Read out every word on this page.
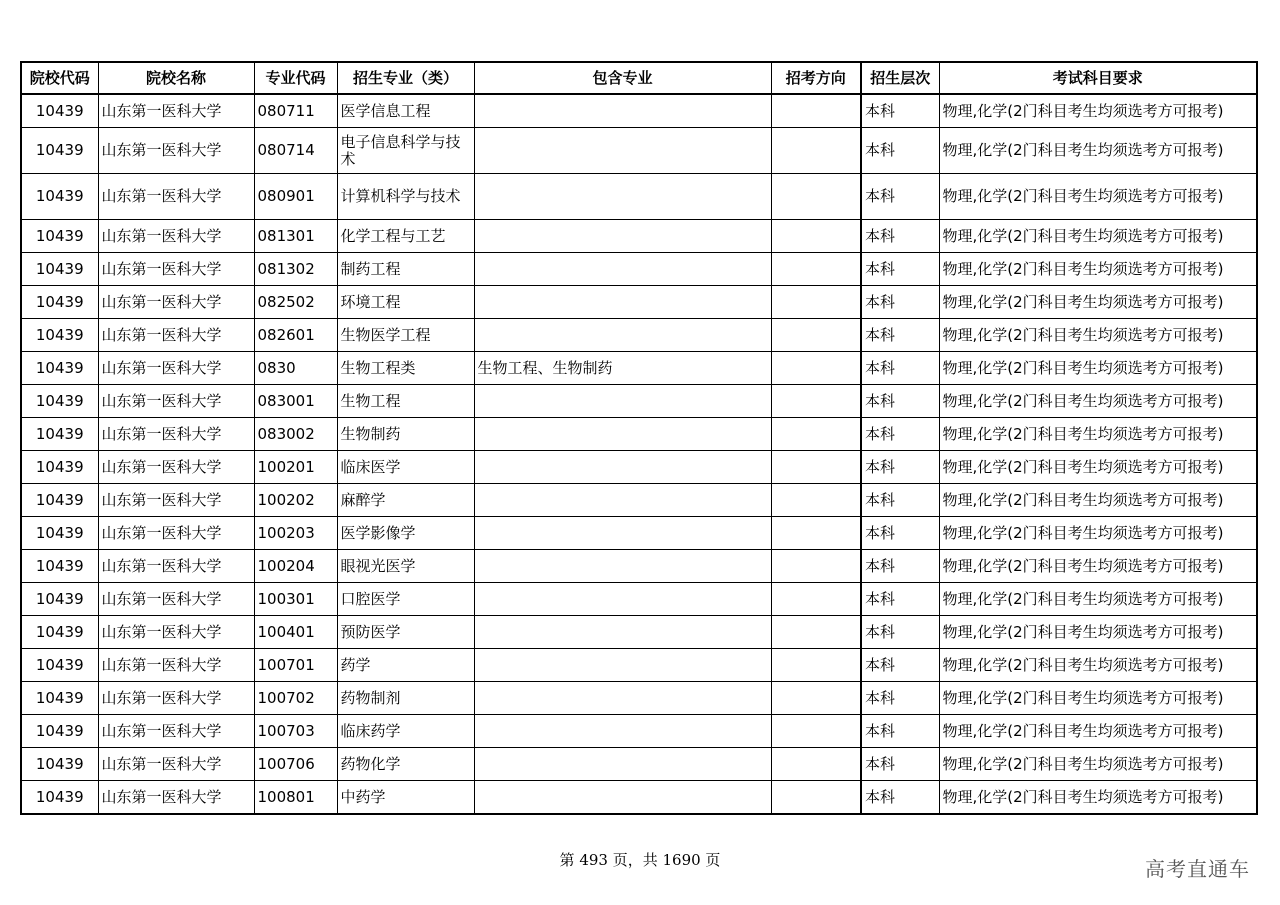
院校代码	院校名称	专业代码	招生专业（类）	包含专业	招考方向	招生层次	考试科目要求
10439	山东第一医科大学	080711	医学信息工程			本科	物理,化学(2门科目考生均须选考方可报考)
10439	山东第一医科大学	080714	电子信息科学与技术			本科	物理,化学(2门科目考生均须选考方可报考)
10439	山东第一医科大学	080901	计算机科学与技术			本科	物理,化学(2门科目考生均须选考方可报考)
10439	山东第一医科大学	081301	化学工程与工艺			本科	物理,化学(2门科目考生均须选考方可报考)
10439	山东第一医科大学	081302	制药工程			本科	物理,化学(2门科目考生均须选考方可报考)
10439	山东第一医科大学	082502	环境工程			本科	物理,化学(2门科目考生均须选考方可报考)
10439	山东第一医科大学	082601	生物医学工程			本科	物理,化学(2门科目考生均须选考方可报考)
10439	山东第一医科大学	0830	生物工程类	生物工程、生物制药		本科	物理,化学(2门科目考生均须选考方可报考)
10439	山东第一医科大学	083001	生物工程			本科	物理,化学(2门科目考生均须选考方可报考)
10439	山东第一医科大学	083002	生物制药			本科	物理,化学(2门科目考生均须选考方可报考)
10439	山东第一医科大学	100201	临床医学			本科	物理,化学(2门科目考生均须选考方可报考)
10439	山东第一医科大学	100202	麻醉学			本科	物理,化学(2门科目考生均须选考方可报考)
10439	山东第一医科大学	100203	医学影像学			本科	物理,化学(2门科目考生均须选考方可报考)
10439	山东第一医科大学	100204	眼视光医学			本科	物理,化学(2门科目考生均须选考方可报考)
10439	山东第一医科大学	100301	口腔医学			本科	物理,化学(2门科目考生均须选考方可报考)
10439	山东第一医科大学	100401	预防医学			本科	物理,化学(2门科目考生均须选考方可报考)
10439	山东第一医科大学	100701	药学			本科	物理,化学(2门科目考生均须选考方可报考)
10439	山东第一医科大学	100702	药物制剂			本科	物理,化学(2门科目考生均须选考方可报考)
10439	山东第一医科大学	100703	临床药学			本科	物理,化学(2门科目考生均须选考方可报考)
10439	山东第一医科大学	100706	药物化学			本科	物理,化学(2门科目考生均须选考方可报考)
10439	山东第一医科大学	100801	中药学			本科	物理,化学(2门科目考生均须选考方可报考)
第 493 页，共 1690 页	高考直通车
